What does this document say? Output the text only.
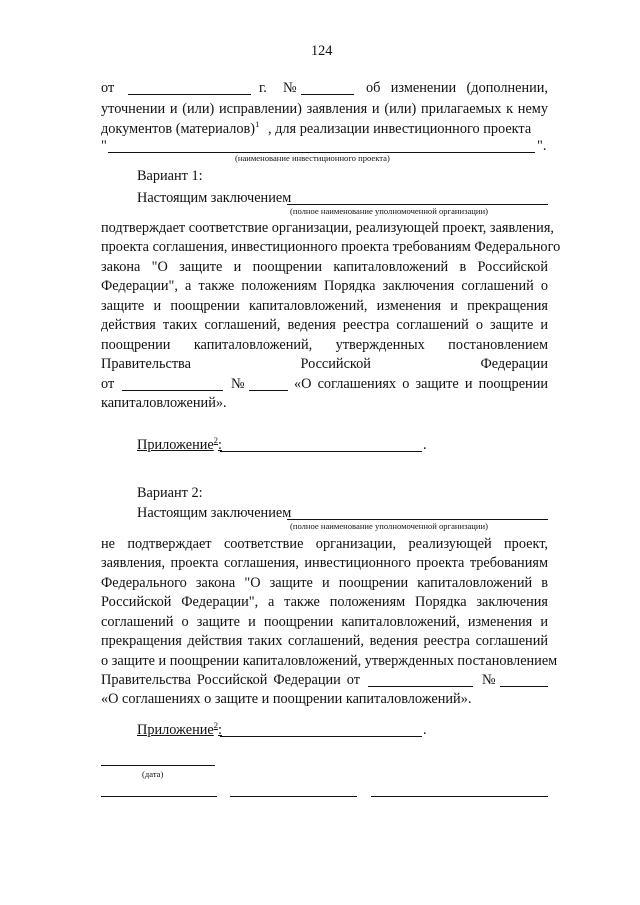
124
от	г. №	об изменении (дополнении,
уточнении и (или) исправлении) заявления и (или) прилагаемых к нему
документов (материалов)$^1$ , для реализации инвестиционного проекта
"	".
(наименование инвестиционного проекта)
Вариант 1:
Настоящим заключением
(полное наименование уполномоченной организации)
подтверждает соответствие организации, реализующей проект, заявления,
проекта соглашения, инвестиционного проекта требованиям Федерального
закона "О защите и поощрении капиталовложений в Российской
Федерации", а также положениям Порядка заключения соглашений о
защите и поощрении капиталовложений, изменения и прекращения
действия таких соглашений, ведения реестра соглашений о защите и
поощрении капиталовложений, утвержденных постановлением
Правительства Российской Федерации
от	№	«О соглашениях о защите и поощрении
капиталовложений».
Приложение$^2$:	.
Вариант 2:
Настоящим заключением
(полное наименование уполномоченной организации)
не подтверждает соответствие организации, реализующей проект,
заявления, проекта соглашения, инвестиционного проекта требованиям
Федерального закона "О защите и поощрении капиталовложений в
Российской Федерации", а также положениям Порядка заключения
соглашений о защите и поощрении капиталовложений, изменения и
прекращения действия таких соглашений, ведения реестра соглашений
о защите и поощрении капиталовложений, утвержденных постановлением
Правительства Российской Федерации от	№
«О соглашениях о защите и поощрении капиталовложений».
Приложение$^2$:	.
(дата)
